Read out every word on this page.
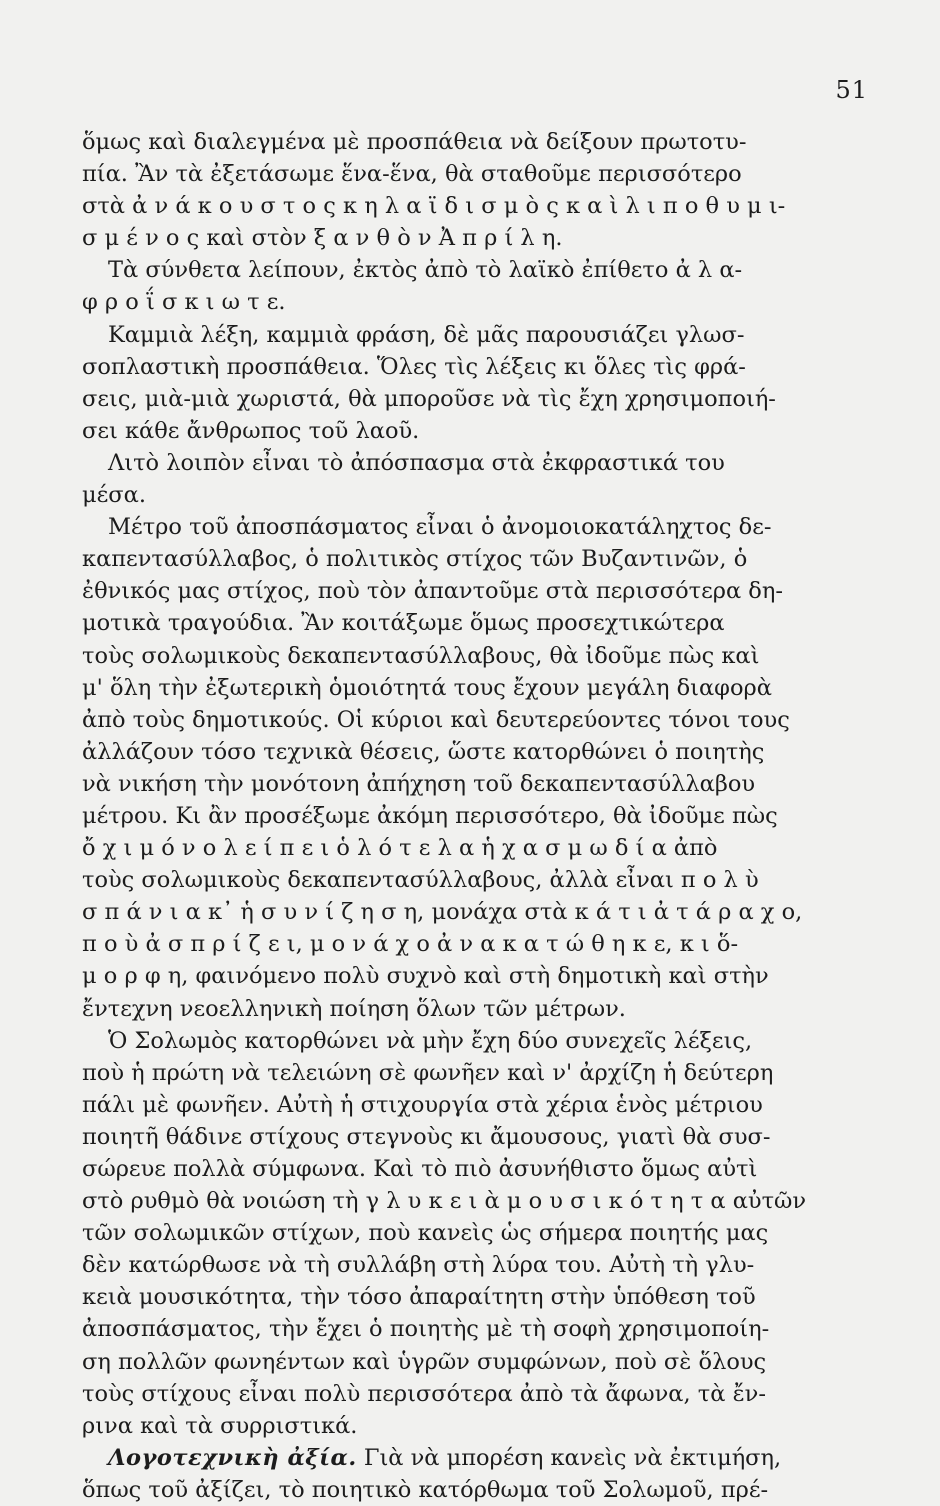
51
ὅμως καὶ διαλεγμένα μὲ προσπάθεια νὰ δείξουν πρωτοτυ-
πία. Ἂν τὰ ἐξετάσωμε ἕνα-ἕνα, θὰ σταθοῦμε περισσότερο
στὰ ἀ ν ά κ ο υ σ τ ο ς κ η λ α ϊ δ ι σ μ ὸ ς κ α ὶ λ ι π ο θ υ μ ι-
σ μ έ ν ο ς καὶ στὸν ξ α ν θ ὸ ν Ἀ π ρ ί λ η.
Τὰ σύνθετα λείπουν, ἐκτὸς ἀπὸ τὸ λαϊκὸ ἐπίθετο ἀ λ α-
φ ρ ο ΐ σ κ ι ω τ ε.
Καμμιὰ λέξη, καμμιὰ φράση, δὲ μᾶς παρουσιάζει γλωσ-
σοπλαστικὴ προσπάθεια. Ὅλες τὶς λέξεις κι ὅλες τὶς φρά-
σεις, μιὰ-μιὰ χωριστά, θὰ μποροῦσε νὰ τὶς ἔχη χρησιμοποιή-
σει κάθε ἄνθρωπος τοῦ λαοῦ.
Λιτὸ λοιπὸν εἶναι τὸ ἀπόσπασμα στὰ ἐκφραστικά του
μέσα.
Μέτρο τοῦ ἀποσπάσματος εἶναι ὁ ἀνομοιοκατάληχτος δε-
καπεντασύλλαβος, ὁ πολιτικὸς στίχος τῶν Βυζαντινῶν, ὁ
ἐθνικός μας στίχος, ποὺ τὸν ἀπαντοῦμε στὰ περισσότερα δη-
μοτικὰ τραγούδια. Ἂν κοιτάξωμε ὅμως προσεχτικώτερα
τοὺς σολωμικοὺς δεκαπεντασύλλαβους, θὰ ἰδοῦμε πὼς καὶ
μ' ὅλη τὴν ἐξωτερικὴ ὁμοιότητά τους ἔχουν μεγάλη διαφορὰ
ἀπὸ τοὺς δημοτικούς. Οἱ κύριοι καὶ δευτερεύοντες τόνοι τους
ἀλλάζουν τόσο τεχνικὰ θέσεις, ὥστε κατορθώνει ὁ ποιητὴς
νὰ νικήση τὴν μονότονη ἀπήχηση τοῦ δεκαπεντασύλλαβου
μέτρου. Κι ἂν προσέξωμε ἀκόμη περισσότερο, θὰ ἰδοῦμε πὼς
ὄ χ ι μ ό ν ο λ ε ί π ε ι ὁ λ ό τ ε λ α ἡ χ α σ μ ω δ ί α ἀπὸ
τοὺς σολωμικοὺς δεκαπεντασύλλαβους, ἀλλὰ εἶναι π ο λ ὺ
σ π ά ν ι α κ᾽ ἡ σ υ ν ί ζ η σ η, μονάχα στὰ κ ά τ ι ἀ τ ά ρ α χ ο,
π ο ὺ ἀ σ π ρ ί ζ ε ι, μ ο ν ά χ ο ἀ ν α κ α τ ώ θ η κ ε, κ ι ὅ-
μ ο ρ φ η, φαινόμενο πολὺ συχνὸ καὶ στὴ δημοτικὴ καὶ στὴν
ἔντεχνη νεοελληνικὴ ποίηση ὅλων τῶν μέτρων.
Ὁ Σολωμὸς κατορθώνει νὰ μὴν ἔχη δύο συνεχεῖς λέξεις,
ποὺ ἡ πρώτη νὰ τελειώνη σὲ φωνῆεν καὶ ν' ἀρχίζη ἡ δεύτερη
πάλι μὲ φωνῆεν. Αὐτὴ ἡ στιχουργία στὰ χέρια ἑνὸς μέτριου
ποιητῆ θάδινε στίχους στεγνοὺς κι ἄμουσους, γιατὶ θὰ συσ-
σώρευε πολλὰ σύμφωνα. Καὶ τὸ πιὸ ἀσυνήθιστο ὅμως αὐτὶ
στὸ ρυθμὸ θὰ νοιώση τὴ γ λ υ κ ε ι ὰ μ ο υ σ ι κ ό τ η τ α αὐτῶν
τῶν σολωμικῶν στίχων, ποὺ κανεὶς ὡς σήμερα ποιητής μας
δὲν κατώρθωσε νὰ τὴ συλλάβη στὴ λύρα του. Αὐτὴ τὴ γλυ-
κειὰ μουσικότητα, τὴν τόσο ἀπαραίτητη στὴν ὑπόθεση τοῦ
ἀποσπάσματος, τὴν ἔχει ὁ ποιητὴς μὲ τὴ σοφὴ χρησιμοποίη-
ση πολλῶν φωνηέντων καὶ ὑγρῶν συμφώνων, ποὺ σὲ ὅλους
τοὺς στίχους εἶναι πολὺ περισσότερα ἀπὸ τὰ ἄφωνα, τὰ ἔν-
ρινα καὶ τὰ συρριστικά.
Λογοτεχνικὴ ἀξία. Γιὰ νὰ μπορέση κανεὶς νὰ ἐκτιμήση,
ὅπως τοῦ ἀξίζει, τὸ ποιητικὸ κατόρθωμα τοῦ Σολωμοῦ, πρέ-
